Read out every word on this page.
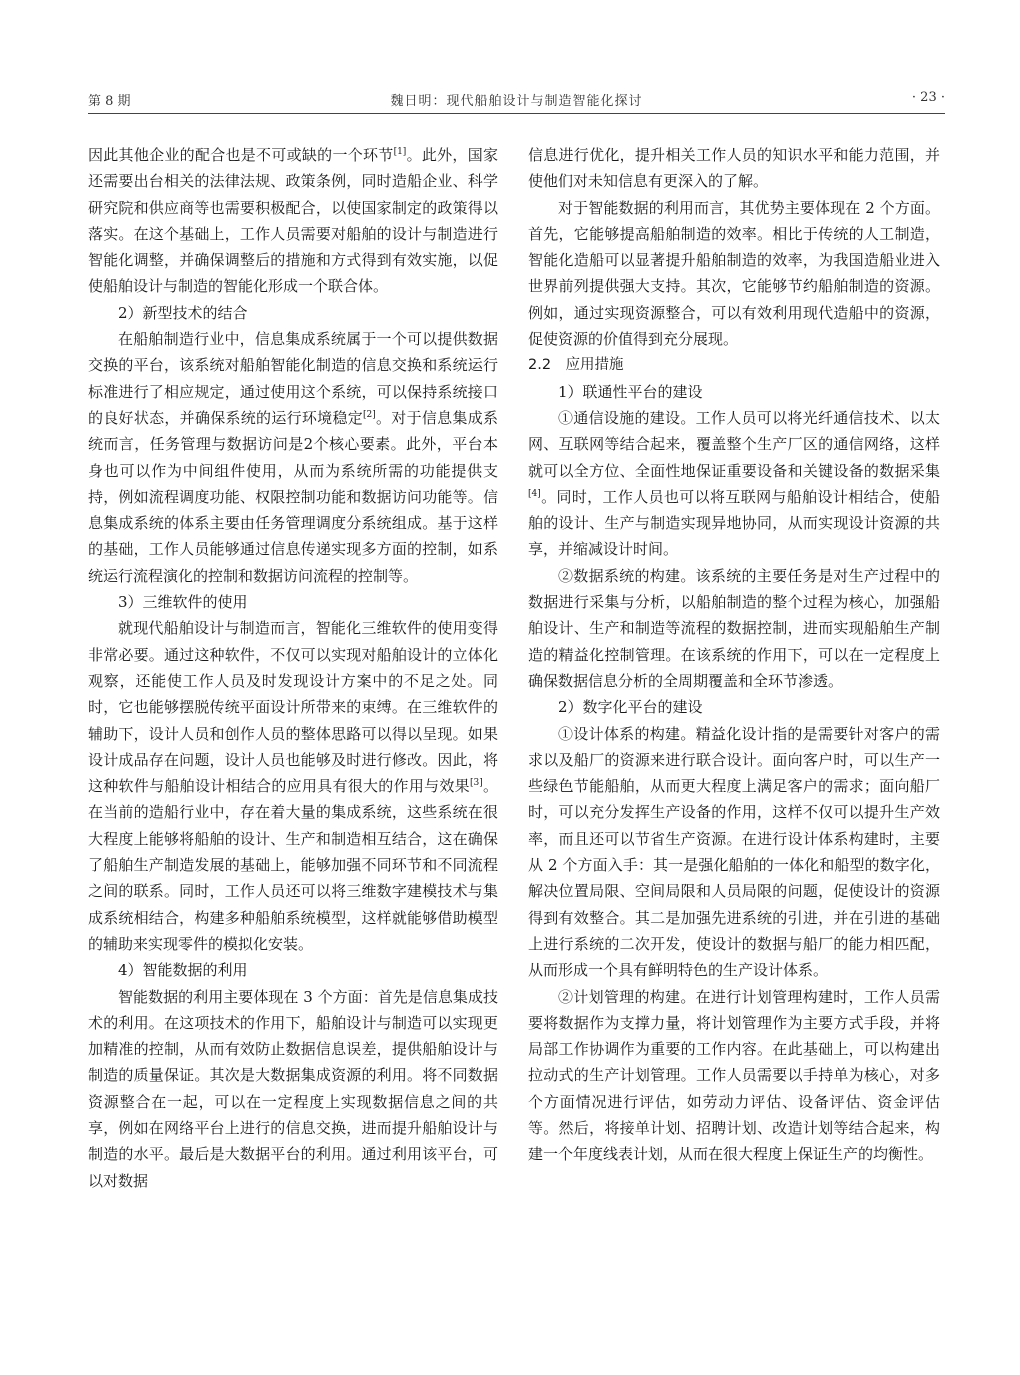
第 8 期	魏日明：现代船舶设计与制造智能化探讨	· 23 ·

因此其他企业的配合也是不可或缺的一个环节[1]。此外，国家还需要出台相关的法律法规、政策条例，同时造船企业、科学研究院和供应商等也需要积极配合，以使国家制定的政策得以落实。在这个基础上，工作人员需要对船舶的设计与制造进行智能化调整，并确保调整后的措施和方式得到有效实施，以促使船舶设计与制造的智能化形成一个联合体。

2）新型技术的结合

在船舶制造行业中，信息集成系统属于一个可以提供数据交换的平台，该系统对船舶智能化制造的信息交换和系统运行标准进行了相应规定，通过使用这个系统，可以保持系统接口的良好状态，并确保系统的运行环境稳定[2]。对于信息集成系统而言，任务管理与数据访问是2个核心要素。此外，平台本身也可以作为中间组件使用，从而为系统所需的功能提供支持，例如流程调度功能、权限控制功能和数据访问功能等。信息集成系统的体系主要由任务管理调度分系统组成。基于这样的基础，工作人员能够通过信息传递实现多方面的控制，如系统运行流程演化的控制和数据访问流程的控制等。

3）三维软件的使用

就现代船舶设计与制造而言，智能化三维软件的使用变得非常必要。通过这种软件，不仅可以实现对船舶设计的立体化观察，还能使工作人员及时发现设计方案中的不足之处。同时，它也能够摆脱传统平面设计所带来的束缚。在三维软件的辅助下，设计人员和创作人员的整体思路可以得以呈现。如果设计成品存在问题，设计人员也能够及时进行修改。因此，将这种软件与船舶设计相结合的应用具有很大的作用与效果[3]。在当前的造船行业中，存在着大量的集成系统，这些系统在很大程度上能够将船舶的设计、生产和制造相互结合，这在确保了船舶生产制造发展的基础上，能够加强不同环节和不同流程之间的联系。同时，工作人员还可以将三维数字建模技术与集成系统相结合，构建多种船舶系统模型，这样就能够借助模型的辅助来实现零件的模拟化安装。

4）智能数据的利用

智能数据的利用主要体现在 3 个方面：首先是信息集成技术的利用。在这项技术的作用下，船舶设计与制造可以实现更加精准的控制，从而有效防止数据信息误差，提供船舶设计与制造的质量保证。其次是大数据集成资源的利用。将不同数据资源整合在一起，可以在一定程度上实现数据信息之间的共享，例如在网络平台上进行的信息交换，进而提升船舶设计与制造的水平。最后是大数据平台的利用。通过利用该平台，可以对数据

信息进行优化，提升相关工作人员的知识水平和能力范围，并使他们对未知信息有更深入的了解。

对于智能数据的利用而言，其优势主要体现在 2 个方面。首先，它能够提高船舶制造的效率。相比于传统的人工制造，智能化造船可以显著提升船舶制造的效率，为我国造船业进入世界前列提供强大支持。其次，它能够节约船舶制造的资源。例如，通过实现资源整合，可以有效利用现代造船中的资源，促使资源的价值得到充分展现。

2.2　应用措施

1）联通性平台的建设

①通信设施的建设。工作人员可以将光纤通信技术、以太网、互联网等结合起来，覆盖整个生产厂区的通信网络，这样就可以全方位、全面性地保证重要设备和关键设备的数据采集[4]。同时，工作人员也可以将互联网与船舶设计相结合，使船舶的设计、生产与制造实现异地协同，从而实现设计资源的共享，并缩减设计时间。

②数据系统的构建。该系统的主要任务是对生产过程中的数据进行采集与分析，以船舶制造的整个过程为核心，加强船舶设计、生产和制造等流程的数据控制，进而实现船舶生产制造的精益化控制管理。在该系统的作用下，可以在一定程度上确保数据信息分析的全周期覆盖和全环节渗透。

2）数字化平台的建设

①设计体系的构建。精益化设计指的是需要针对客户的需求以及船厂的资源来进行联合设计。面向客户时，可以生产一些绿色节能船舶，从而更大程度上满足客户的需求；面向船厂时，可以充分发挥生产设备的作用，这样不仅可以提升生产效率，而且还可以节省生产资源。在进行设计体系构建时，主要从 2 个方面入手：其一是强化船舶的一体化和船型的数字化，解决位置局限、空间局限和人员局限的问题，促使设计的资源得到有效整合。其二是加强先进系统的引进，并在引进的基础上进行系统的二次开发，使设计的数据与船厂的能力相匹配，从而形成一个具有鲜明特色的生产设计体系。

②计划管理的构建。在进行计划管理构建时，工作人员需要将数据作为支撑力量，将计划管理作为主要方式手段，并将局部工作协调作为重要的工作内容。在此基础上，可以构建出拉动式的生产计划管理。工作人员需要以手持单为核心，对多个方面情况进行评估，如劳动力评估、设备评估、资金评估等。然后，将接单计划、招聘计划、改造计划等结合起来，构建一个年度线表计划，从而在很大程度上保证生产的均衡性。
